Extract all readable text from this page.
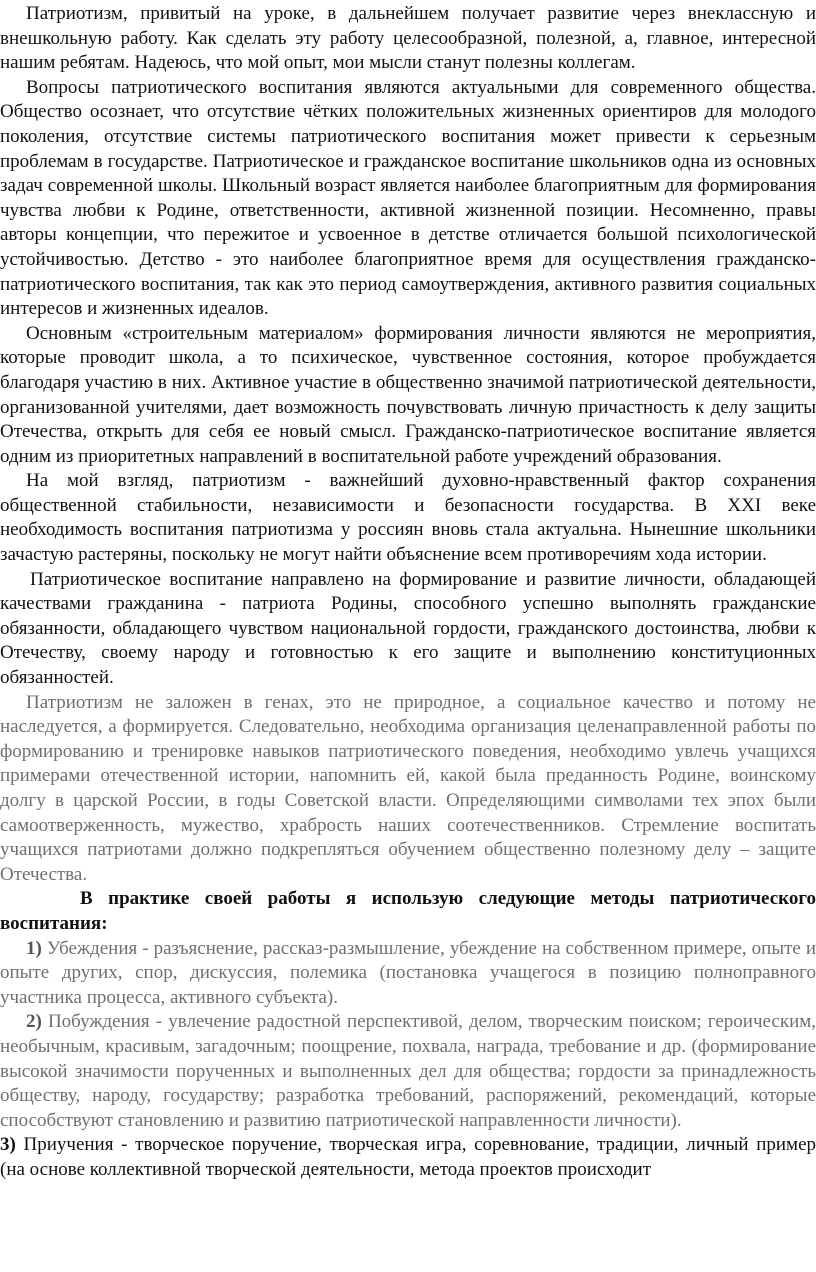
Патриотизм, привитый на уроке, в дальнейшем получает развитие через внеклассную и внешкольную работу. Как сделать эту работу целесообразной, полезной, а, главное, интересной нашим ребятам. Надеюсь, что мой опыт, мои мысли станут полезны коллегам.

Вопросы патриотического воспитания являются актуальными для современного общества. Общество осознает, что отсутствие чётких положительных жизненных ориентиров для молодого поколения, отсутствие системы патриотического воспитания может привести к серьезным проблемам в государстве. Патриотическое и гражданское воспитание школьников одна из основных задач современной школы. Школьный возраст является наиболее благоприятным для формирования чувства любви к Родине, ответственности, активной жизненной позиции. Несомненно, правы авторы концепции, что пережитое и усвоенное в детстве отличается большой психологической устойчивостью. Детство - это наиболее благоприятное время для осуществления гражданско-патриотического воспитания, так как это период самоутверждения, активного развития социальных интересов и жизненных идеалов.

Основным «строительным материалом» формирования личности являются не мероприятия, которые проводит школа, а то психическое, чувственное состояния, которое пробуждается благодаря участию в них. Активное участие в общественно значимой патриотической деятельности, организованной учителями, дает возможность почувствовать личную причастность к делу защиты Отечества, открыть для себя ее новый смысл. Гражданско-патриотическое воспитание является одним из приоритетных направлений в воспитательной работе учреждений образования.

На мой взгляд, патриотизм - важнейший духовно-нравственный фактор сохранения общественной стабильности, независимости и безопасности государства. В XXI веке необходимость воспитания патриотизма у россиян вновь стала актуальна. Нынешние школьники зачастую растеряны, поскольку не могут найти объяснение всем противоречиям хода истории.

Патриотическое воспитание направлено на формирование и развитие личности, обладающей качествами гражданина - патриота Родины, способного успешно выполнять гражданские обязанности, обладающего чувством национальной гордости, гражданского достоинства, любви к Отечеству, своему народу и готовностью к его защите и выполнению конституционных обязанностей.

Патриотизм не заложен в генах, это не природное, а социальное качество и потому не наследуется, а формируется. Следовательно, необходима организация целенаправленной работы по формированию и тренировке навыков патриотического поведения, необходимо увлечь учащихся примерами отечественной истории, напомнить ей, какой была преданность Родине, воинскому долгу в царской России, в годы Советской власти. Определяющими символами тех эпох были самоотверженность, мужество, храбрость наших соотечественников. Стремление воспитать учащихся патриотами должно подкрепляться обучением общественно полезному делу – защите Отечества.

В практике своей работы я использую следующие методы патриотического воспитания:

1) Убеждения - разъяснение, рассказ-размышление, убеждение на собственном примере, опыте и опыте других, спор, дискуссия, полемика (постановка учащегося в позицию полноправного участника процесса, активного субъекта).

2) Побуждения - увлечение радостной перспективой, делом, творческим поиском; героическим, необычным, красивым, загадочным; поощрение, похвала, награда, требование и др. (формирование высокой значимости порученных и выполненных дел для общества; гордости за принадлежность обществу, народу, государству; разработка требований, распоряжений, рекомендаций, которые способствуют становлению и развитию патриотической направленности личности).

3) Приучения - творческое поручение, творческая игра, соревнование, традиции, личный пример (на основе коллективной творческой деятельности, метода проектов происходит
